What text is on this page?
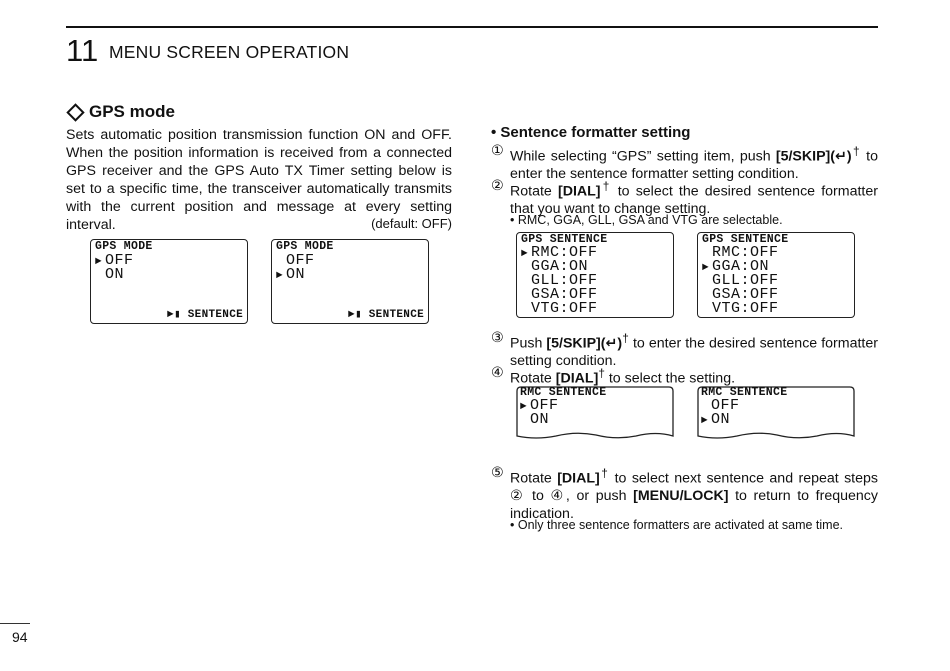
11 MENU SCREEN OPERATION
GPS mode
Sets automatic position transmission function ON and OFF. When the position information is received from a connected GPS receiver and the GPS Auto TX Timer setting below is set to a specific time, the transceiver automatically transmits with the current position and message at every setting interval.	(default: OFF)
GPS MODE
► OFF
ON
►▮ SENTENCE
GPS MODE
OFF
► ON
►▮ SENTENCE
• Sentence formatter setting
① While selecting “GPS” setting item, push [5/SKIP](↵)† to enter the sentence formatter setting condition.
② Rotate [DIAL]† to select the desired sentence formatter that you want to change setting.
• RMC, GGA, GLL, GSA and VTG are selectable.
GPS SENTENCE
► RMC:OFF
GGA:ON
GLL:OFF
GSA:OFF
VTG:OFF
GPS SENTENCE
RMC:OFF
► GGA:ON
GLL:OFF
GSA:OFF
VTG:OFF
③ Push [5/SKIP](↵)† to enter the desired sentence formatter setting condition.
④ Rotate [DIAL]† to select the setting.
RMC SENTENCE
► OFF
ON
RMC SENTENCE
OFF
► ON
⑤ Rotate [DIAL]† to select next sentence and repeat steps ② to ④, or push [MENU/LOCK] to return to frequency indication.
• Only three sentence formatters are activated at same time.
94
